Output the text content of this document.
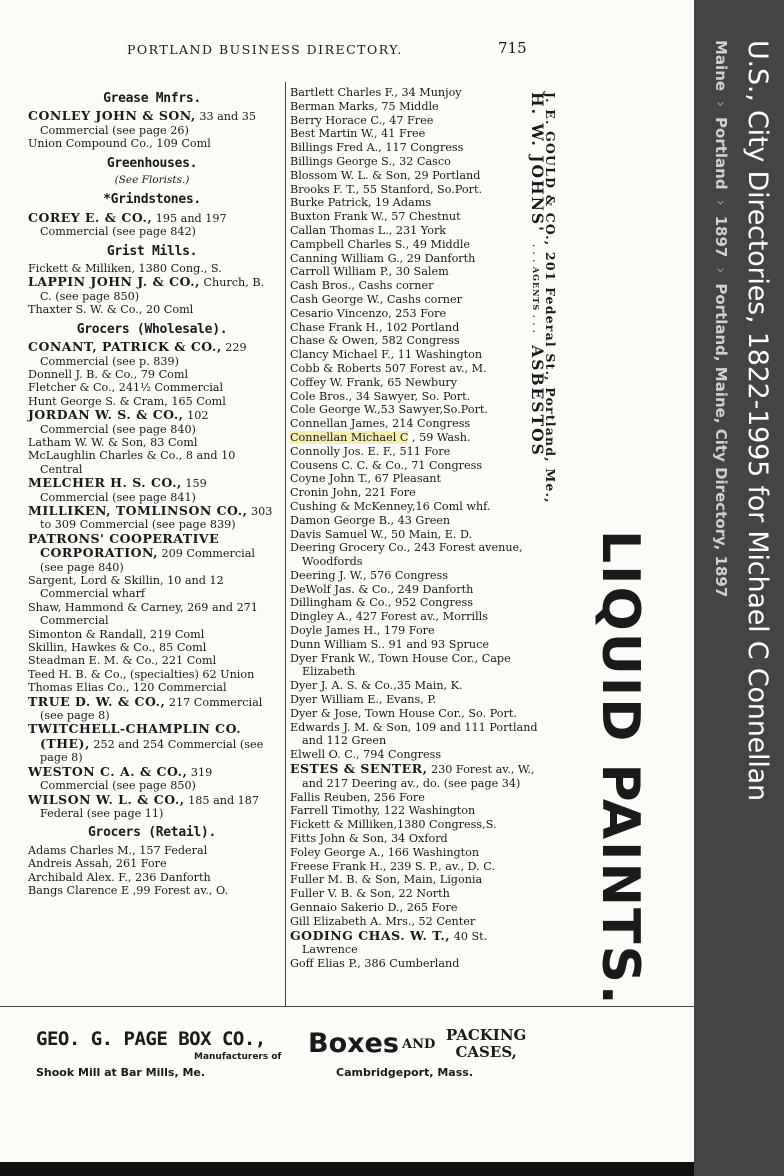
PORTLAND BUSINESS DIRECTORY.	715
Grease Mnfrs.
CONLEY JOHN & SON, 33 and 35 Commercial (see page 26)
Union Compound Co., 109 Coml
Greenhouses.
(See Florists.)
*Grindstones.
COREY E. & CO., 195 and 197 Commercial (see page 842)
Grist Mills.
Fickett & Milliken, 1380 Cong., S.
LAPPIN JOHN J. & CO., Church, B. C. (see page 850)
Thaxter S. W. & Co., 20 Coml
Grocers (Wholesale).
CONANT, PATRICK & CO., 229 Commercial (see p. 839)
Donnell J. B. & Co., 79 Coml
Fletcher & Co., 241½ Commercial
Hunt George S. & Cram, 165 Coml
JORDAN W. S. & CO., 102 Commercial (see page 840)
Latham W. W. & Son, 83 Coml
McLaughlin Charles & Co., 8 and 10 Central
MELCHER H. S. CO., 159 Commercial (see page 841)
MILLIKEN, TOMLINSON CO., 303 to 309 Commercial (see page 839)
PATRONS' COOPERATIVE CORPORATION, 209 Commercial (see page 840)
Sargent, Lord & Skillin, 10 and 12 Commercial wharf
Shaw, Hammond & Carney, 269 and 271 Commercial
Simonton & Randall, 219 Coml
Skillin, Hawkes & Co., 85 Coml
Steadman E. M. & Co., 221 Coml
Teed H. B. & Co., (specialties) 62 Union
Thomas Elias Co., 120 Commercial
TRUE D. W. & CO., 217 Commercial (see page 8)
TWITCHELL-CHAMPLIN CO. (THE), 252 and 254 Commercial (see page 8)
WESTON C. A. & CO., 319 Commercial (see page 850)
WILSON W. L. & CO., 185 and 187 Federal (see page 11)
Grocers (Retail).
Adams Charles M., 157 Federal
Andreis Assah, 261 Fore
Archibald Alex. F., 236 Danforth
Bangs Clarence E ,99 Forest av., O.
Bartlett Charles F., 34 Munjoy
Berman Marks, 75 Middle
Berry Horace C., 47 Free
Best Martin W., 41 Free
Billings Fred A., 117 Congress
Billings George S., 32 Casco
Blossom W. L. & Son, 29 Portland
Brooks F. T., 55 Stanford, So.Port.
Burke Patrick, 19 Adams
Buxton Frank W., 57 Chestnut
Callan Thomas L., 231 York
Campbell Charles S., 49 Middle
Canning William G., 29 Danforth
Carroll William P., 30 Salem
Cash Bros., Cashs corner
Cash George W., Cashs corner
Cesario Vincenzo, 253 Fore
Chase Frank H., 102 Portland
Chase & Owen, 582 Congress
Clancy Michael F., 11 Washington
Cobb & Roberts 507 Forest av., M.
Coffey W. Frank, 65 Newbury
Cole Bros., 34 Sawyer, So. Port.
Cole George W.,53 Sawyer,So.Port.
Connellan James, 214 Congress
Connellan Michael C , 59 Wash.
Connolly Jos. E. F., 511 Fore
Cousens C. C. & Co., 71 Congress
Coyne John T., 67 Pleasant
Cronin John, 221 Fore
Cushing & McKenney,16 Coml whf.
Damon George B., 43 Green
Davis Samuel W., 50 Main, E. D.
Deering Grocery Co., 243 Forest avenue, Woodfords
Deering J. W., 576 Congress
DeWolf Jas. & Co., 249 Danforth
Dillingham & Co., 952 Congress
Dingley A., 427 Forest av., Morrills
Doyle James H., 179 Fore
Dunn William S.. 91 and 93 Spruce
Dyer Frank W., Town House Cor., Cape Elizabeth
Dyer J. A. S. & Co.,35 Main, K.
Dyer William E., Evans, P.
Dyer & Jose, Town House Cor., So. Port.
Edwards J. M. & Son, 109 and 111 Portland and 112 Green
Elwell O. C., 794 Congress
ESTES & SENTER, 230 Forest av., W., and 217 Deering av., do. (see page 34)
Fallis Reuben, 256 Fore
Farrell Timothy, 122 Washington
Fickett & Milliken,1380 Congress,S.
Fitts John & Son, 34 Oxford
Foley George A., 166 Washington
Freese Frank H., 239 S. P., av., D. C.
Fuller M. B. & Son, Main, Ligonia
Fuller V. B. & Son, 22 North
Gennaio Sakerio D., 265 Fore
Gill Elizabeth A. Mrs., 52 Center
GODING CHAS. W. T., 40 St. Lawrence
Goff Elias P., 386 Cumberland
J. E. GOULD & CO., 201 Federal St., Portland, Me.,
H. W. JOHNS' . . . AGENTS . . . ASBESTOS
LIQUID PAINTS.
GEO. G. PAGE BOX CO.,
Manufacturers of Boxes AND
PACKING
CASES,
Shook Mill at Bar Mills, Me.	Cambridgeport, Mass.
U.S., City Directories, 1822-1995 for Michael C Connellan
Maine›Portland›1897›Portland, Maine, City Directory, 1897
